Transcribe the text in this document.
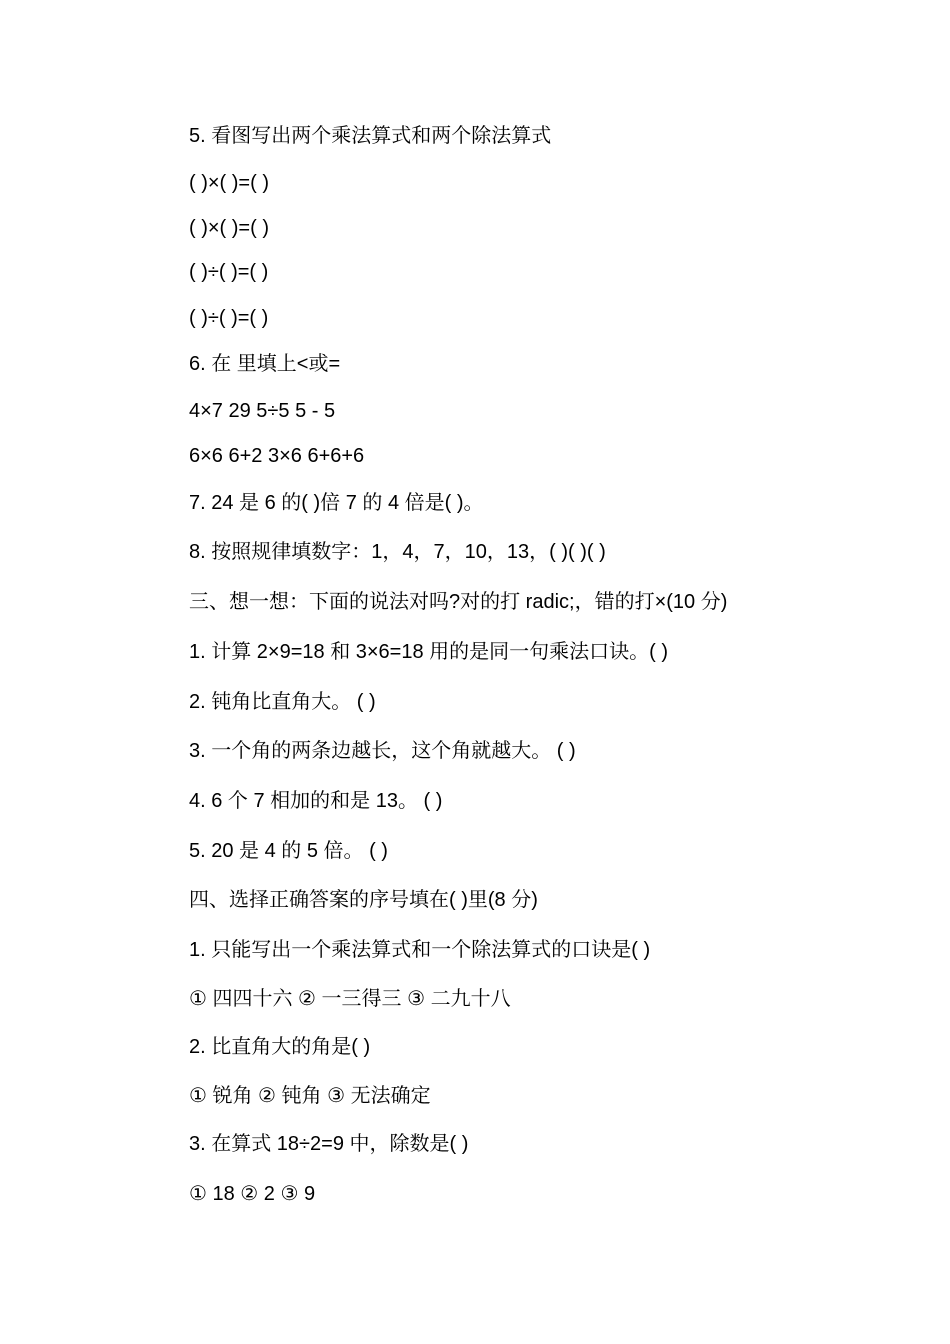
5. 看图写出两个乘法算式和两个除法算式
( )×( )=( )
( )×( )=( )
( )÷( )=( )
( )÷( )=( )
6. 在 里填上<或=
4×7 29 5÷5 5 - 5
6×6 6+2 3×6 6+6+6
7. 24 是 6 的( )倍 7 的 4 倍是( )。
8. 按照规律填数字：1，4，7，10，13，( )( )( )
三、想一想：下面的说法对吗?对的打 radic;，错的打×(10 分)
1. 计算 2×9=18 和 3×6=18 用的是同一句乘法口诀。( )
2. 钝角比直角大。 ( )
3. 一个角的两条边越长，这个角就越大。 ( )
4. 6 个 7 相加的和是 13。 ( )
5. 20 是 4 的 5 倍。 ( )
四、选择正确答案的序号填在( )里(8 分)
1. 只能写出一个乘法算式和一个除法算式的口诀是( )
① 四四十六 ② 一三得三 ③ 二九十八
2. 比直角大的角是( )
① 锐角 ② 钝角 ③ 无法确定
3. 在算式 18÷2=9 中，除数是( )
① 18 ② 2 ③ 9
